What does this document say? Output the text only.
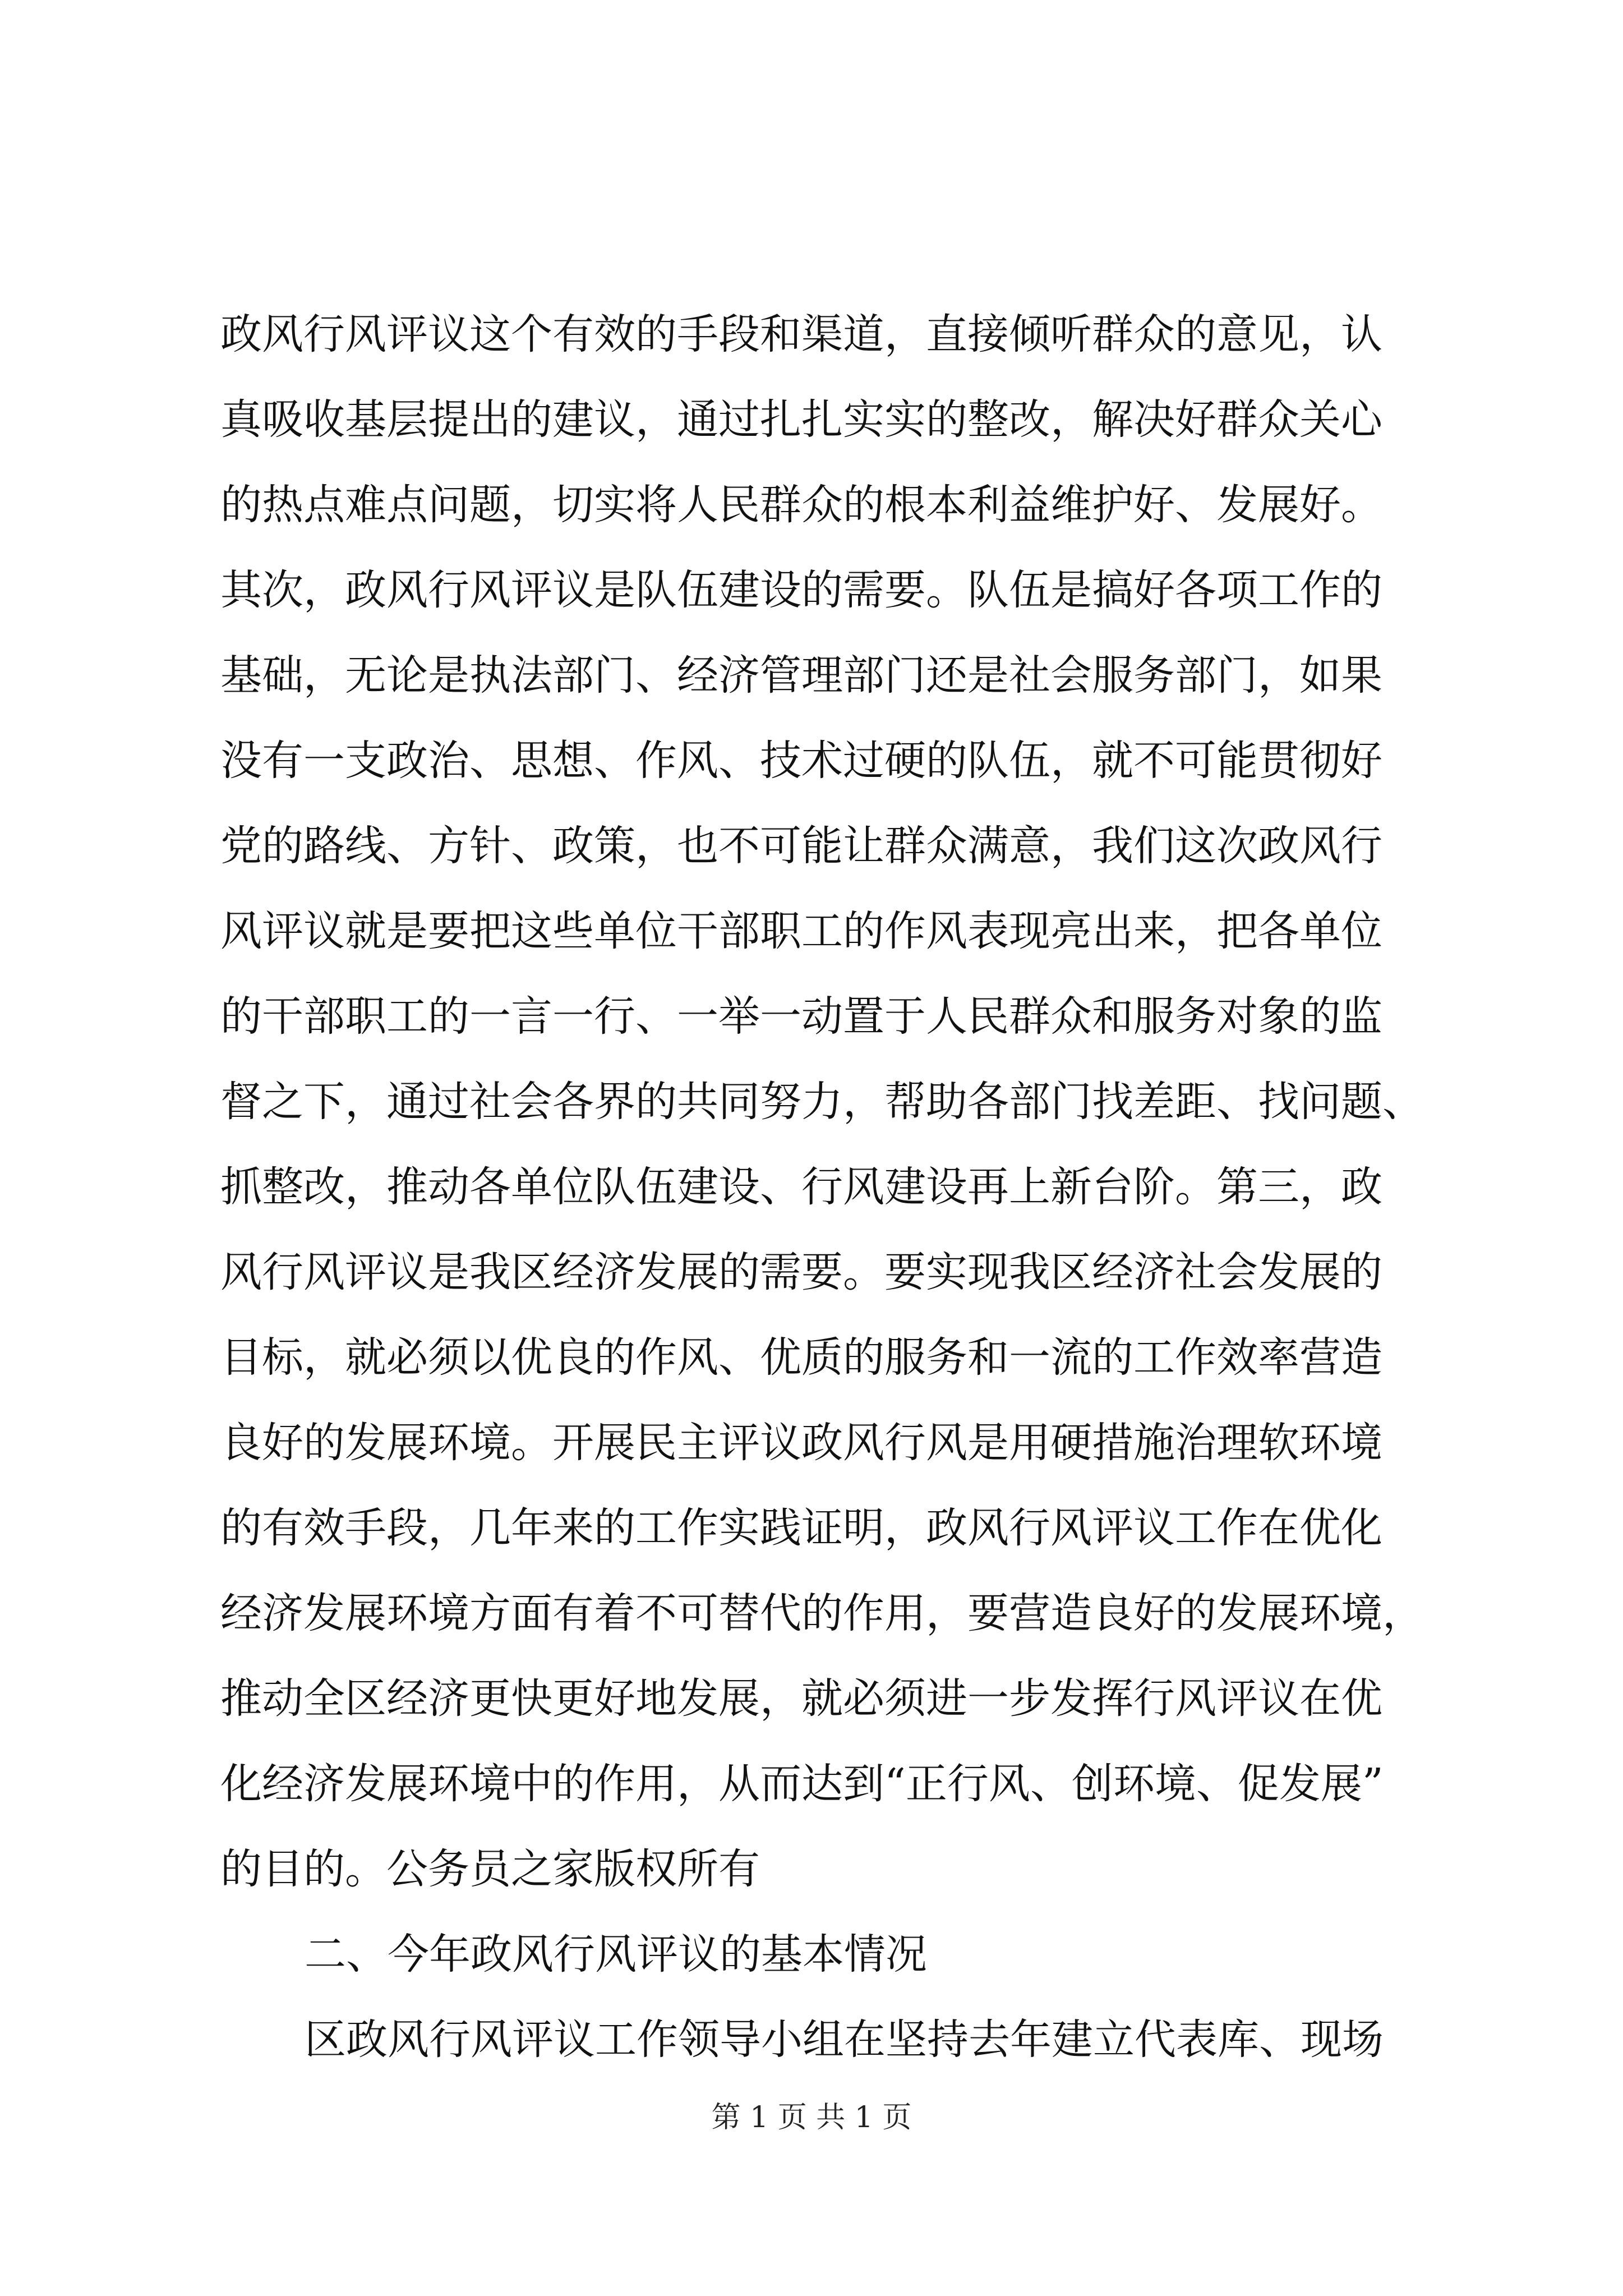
政风行风评议这个有效的手段和渠道，直接倾听群众的意见，认
真吸收基层提出的建议，通过扎扎实实的整改，解决好群众关心
的热点难点问题，切实将人民群众的根本利益维护好、发展好。
其次，政风行风评议是队伍建设的需要。队伍是搞好各项工作的
基础，无论是执法部门、经济管理部门还是社会服务部门，如果
没有一支政治、思想、作风、技术过硬的队伍，就不可能贯彻好
党的路线、方针、政策，也不可能让群众满意，我们这次政风行
风评议就是要把这些单位干部职工的作风表现亮出来，把各单位
的干部职工的一言一行、一举一动置于人民群众和服务对象的监
督之下，通过社会各界的共同努力，帮助各部门找差距、找问题、
抓整改，推动各单位队伍建设、行风建设再上新台阶。第三，政
风行风评议是我区经济发展的需要。要实现我区经济社会发展的
目标，就必须以优良的作风、优质的服务和一流的工作效率营造
良好的发展环境。开展民主评议政风行风是用硬措施治理软环境
的有效手段，几年来的工作实践证明，政风行风评议工作在优化
经济发展环境方面有着不可替代的作用，要营造良好的发展环境，
推动全区经济更快更好地发展，就必须进一步发挥行风评议在优
化经济发展环境中的作用，从而达到“正行风、创环境、促发展”
的目的。公务员之家版权所有
二、今年政风行风评议的基本情况
区政风行风评议工作领导小组在坚持去年建立代表库、现场
第 1 页 共 1 页
